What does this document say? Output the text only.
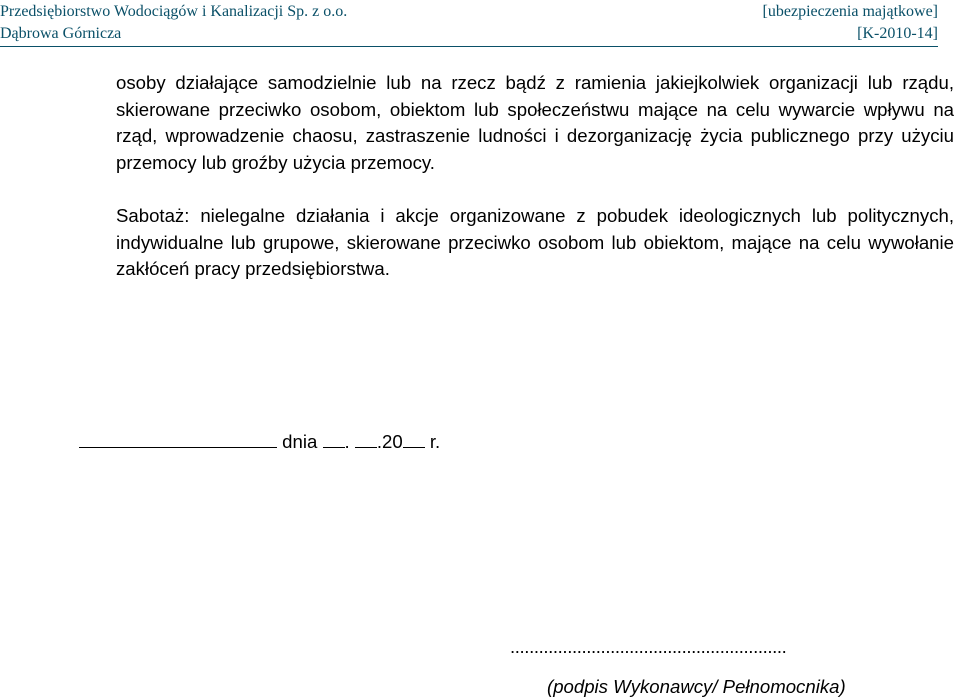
Przedsiębiorstwo Wodociągów i Kanalizacji Sp. z o.o.	[ubezpieczenia majątkowe]
Dąbrowa Górnicza	[K-2010-14]

osoby działające samodzielnie lub na rzecz bądź z ramienia jakiejkolwiek organizacji lub rządu, skierowane przeciwko osobom, obiektom lub społeczeństwu mające na celu wywarcie wpływu na rząd, wprowadzenie chaosu, zastraszenie ludności i dezorganizację życia publicznego przy użyciu przemocy lub groźby użycia przemocy.

Sabotaż: nielegalne działania i akcje organizowane z pobudek ideologicznych lub politycznych, indywidualne lub grupowe, skierowane przeciwko osobom lub obiektom, mające na celu wywołanie zakłóceń pracy przedsiębiorstwa.

dnia . .20 r.
..........................................................
(podpis Wykonawcy/ Pełnomocnika)
